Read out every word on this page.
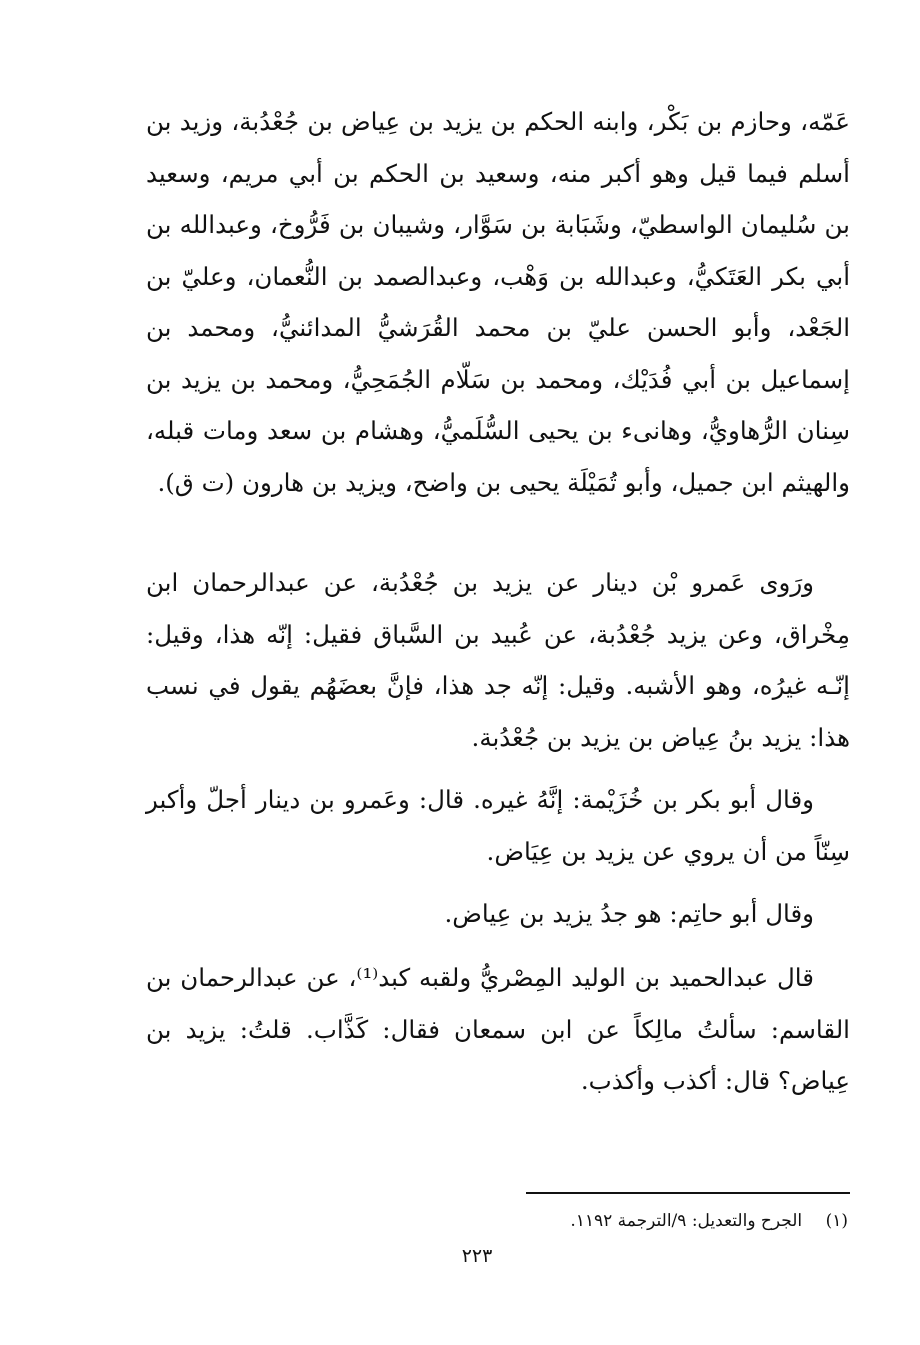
عَمّه، وحازم بن بَكْر، وابنه الحكم بن يزيد بن عِياض بن جُعْدُبة، وزيد بن أسلم فيما قيل وهو أكبر منه، وسعيد بن الحكم بن أبي مريم، وسعيد بن سُليمان الواسطيّ، وشَبَابة بن سَوَّار، وشيبان بن فَرُّوخ، وعبدالله بن أبي بكر العَتَكيُّ، وعبدالله بن وَهْب، وعبدالصمد بن النُّعمان، وعليّ بن الجَعْد، وأبو الحسن عليّ بن محمد القُرَشيُّ المدائنيُّ، ومحمد بن إسماعيل بن أبي فُدَيْك، ومحمد بن سَلّام الجُمَحِيُّ، ومحمد بن يزيد بن سِنان الرُّهاويُّ، وهانىء بن يحيى السُّلَميُّ، وهشام بن سعد ومات قبله، والهيثم ابن جميل، وأبو تُمَيْلَة يحيى بن واضح، ويزيد بن هارون (ت ق).

ورَوى عَمرو بْن دينار عن يزيد بن جُعْدُبة، عن عبدالرحمان ابن مِخْراق، وعن يزيد جُعْدُبة، عن عُبيد بن السَّباق فقيل: إنّه هذا، وقيل: إنّـه غيرُه، وهو الأشبه. وقيل: إنّه جد هذا، فإنَّ بعضَهُم يقول في نسب هذا: يزيد بنُ عِياض بن يزيد بن جُعْدُبة.

وقال أبو بكر بن خُزَيْمة: إنَّهُ غيره. قال: وعَمرو بن دينار أجلّ وأكبر سِنّاً من أن يروي عن يزيد بن عِيَاض.

وقال أبو حاتِم: هو جدُ يزيد بن عِياض.

قال عبدالحميد بن الوليد المِصْريُّ ولقبه كبد⁽¹⁾، عن عبدالرحمان بن القاسم: سألتُ مالِكاً عن ابن سمعان فقال: كَذَّاب. قلتُ: يزيد بن عِياض؟ قال: أكذب وأكذب.

(١) الجرح والتعديل: ٩/الترجمة ١١٩٢.
٢٢٣
